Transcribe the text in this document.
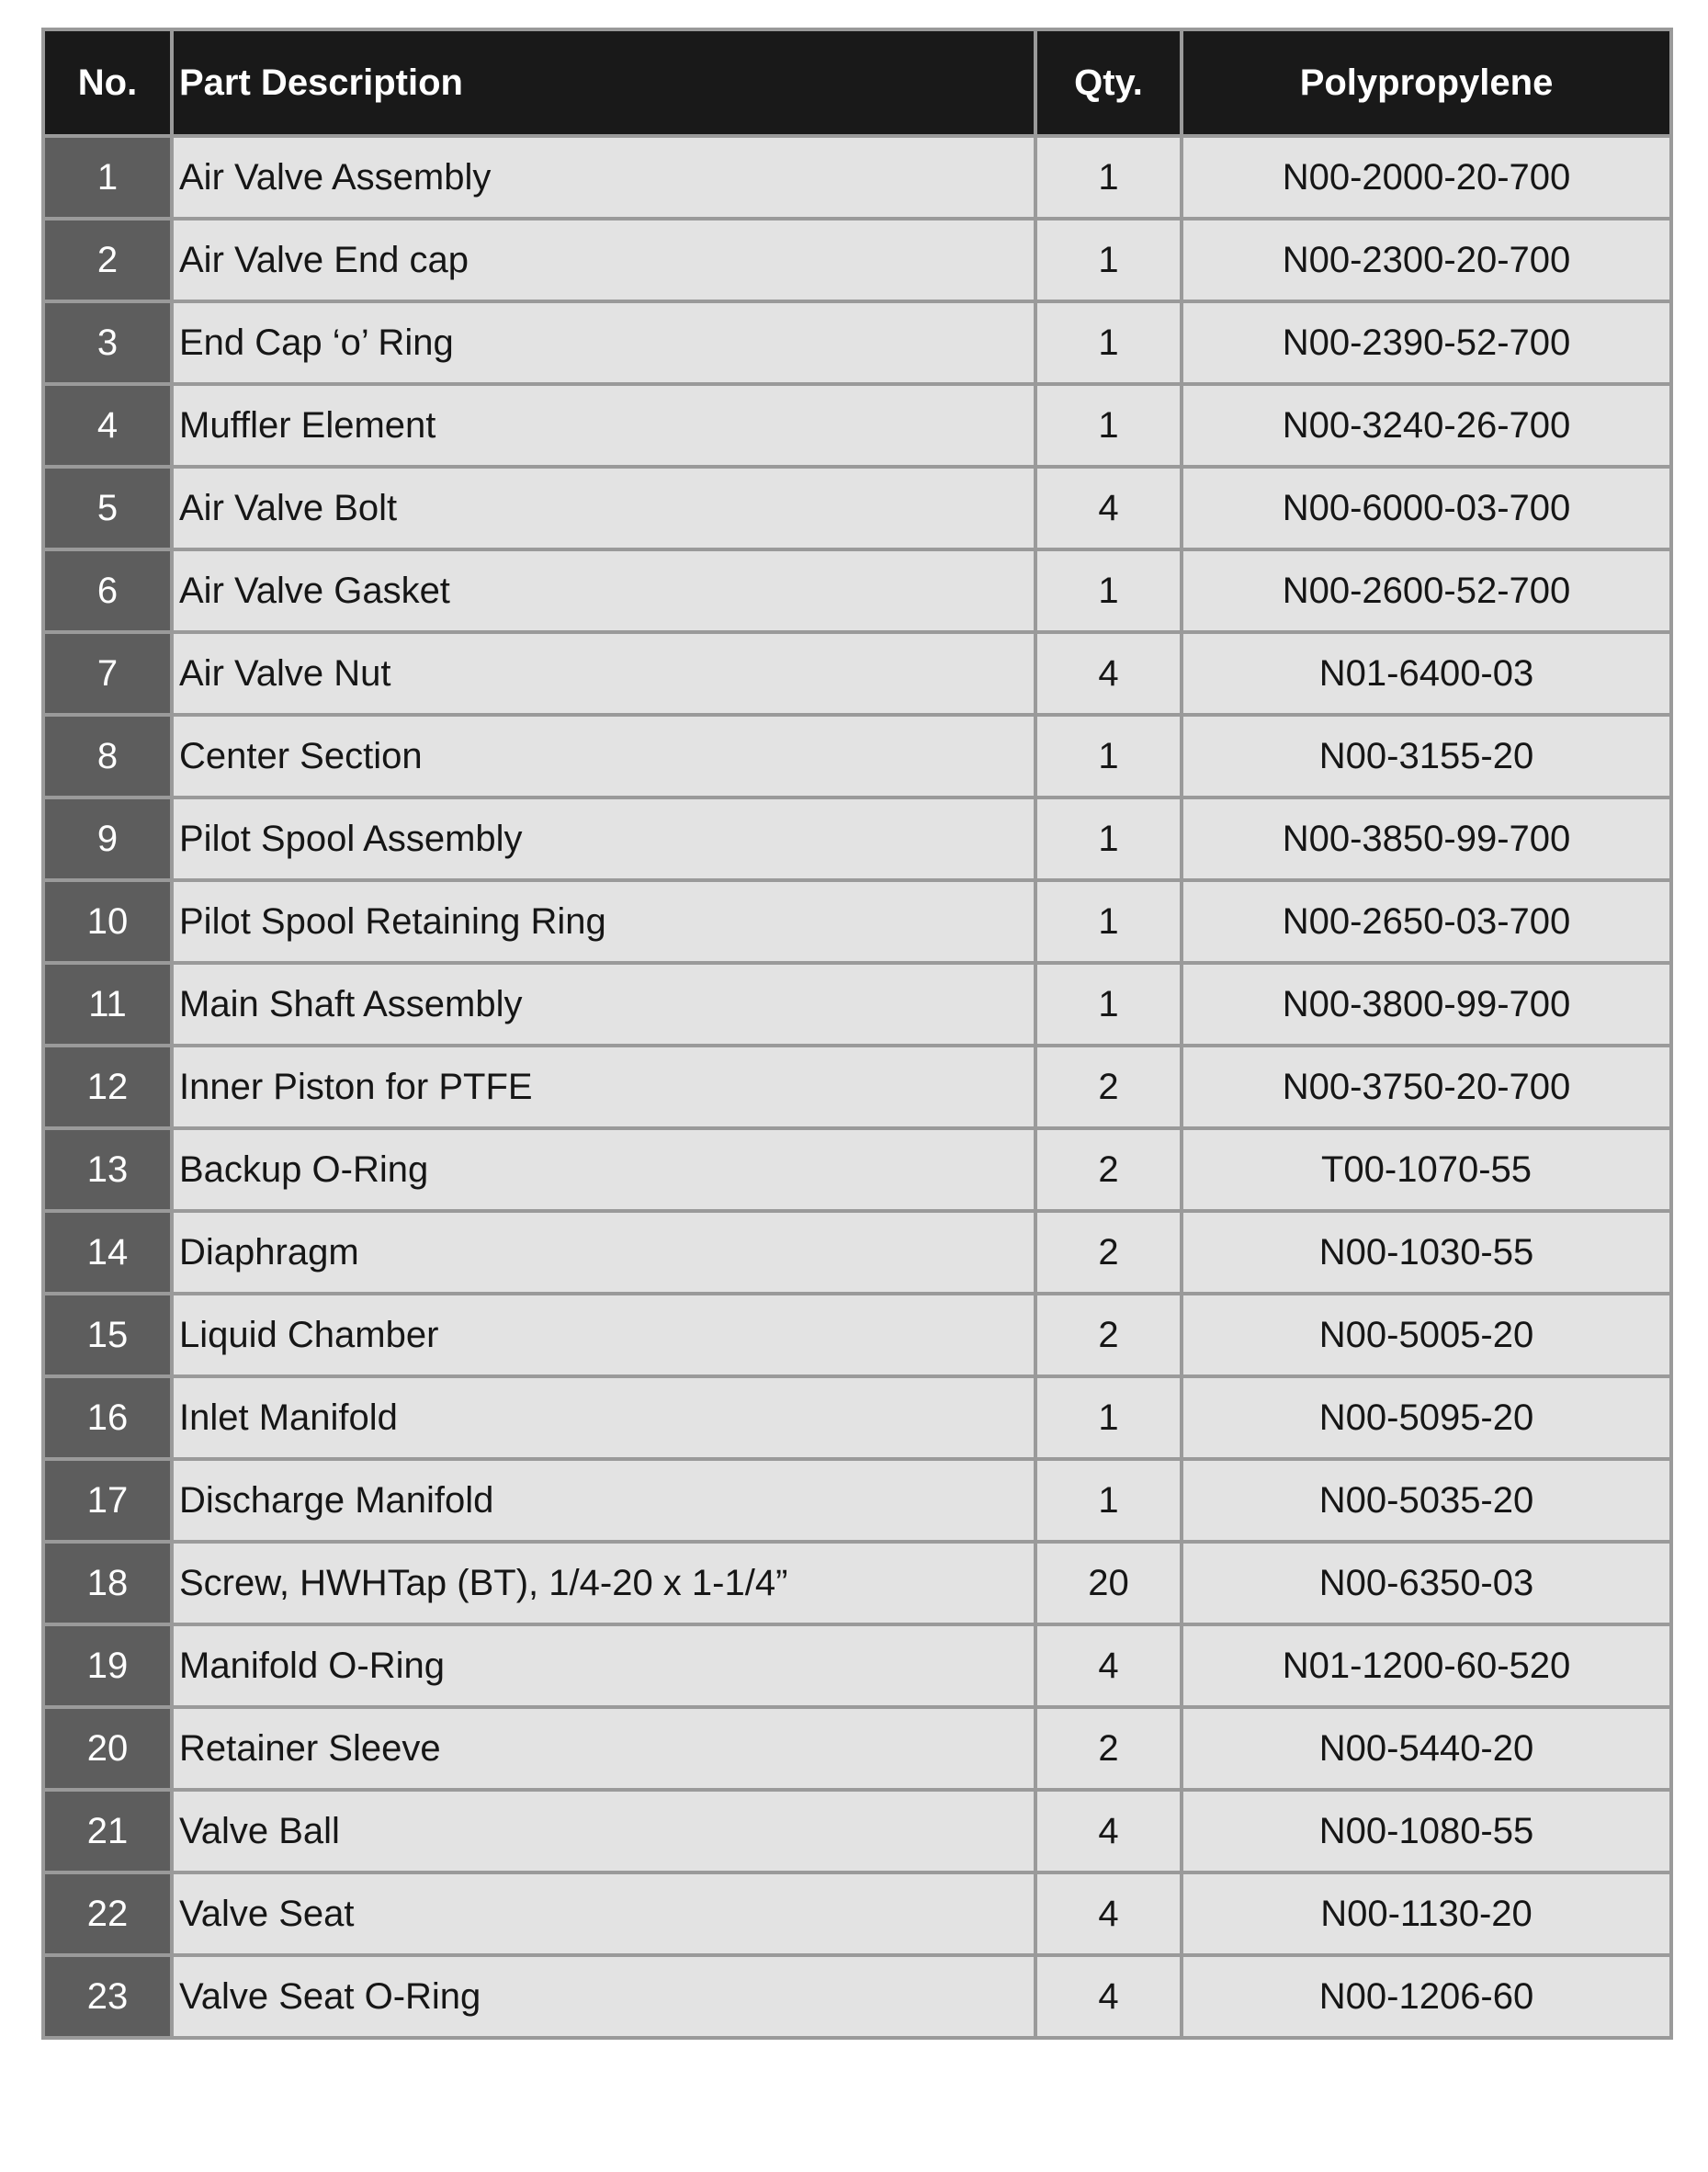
No.	Part Description	Qty.	Polypropylene
1	Air Valve Assembly	1	N00-2000-20-700
2	Air Valve End cap	1	N00-2300-20-700
3	End Cap ‘o’ Ring	1	N00-2390-52-700
4	Muffler Element	1	N00-3240-26-700
5	Air Valve Bolt	4	N00-6000-03-700
6	Air Valve Gasket	1	N00-2600-52-700
7	Air Valve Nut	4	N01-6400-03
8	Center Section	1	N00-3155-20
9	Pilot Spool Assembly	1	N00-3850-99-700
10	Pilot Spool Retaining Ring	1	N00-2650-03-700
11	Main Shaft Assembly	1	N00-3800-99-700
12	Inner Piston for PTFE	2	N00-3750-20-700
13	Backup O-Ring	2	T00-1070-55
14	Diaphragm	2	N00-1030-55
15	Liquid Chamber	2	N00-5005-20
16	Inlet Manifold	1	N00-5095-20
17	Discharge Manifold	1	N00-5035-20
18	Screw, HWHTap (BT), 1/4-20 x 1-1/4”	20	N00-6350-03
19	Manifold O-Ring	4	N01-1200-60-520
20	Retainer Sleeve	2	N00-5440-20
21	Valve Ball	4	N00-1080-55
22	Valve Seat	4	N00-1130-20
23	Valve Seat O-Ring	4	N00-1206-60
